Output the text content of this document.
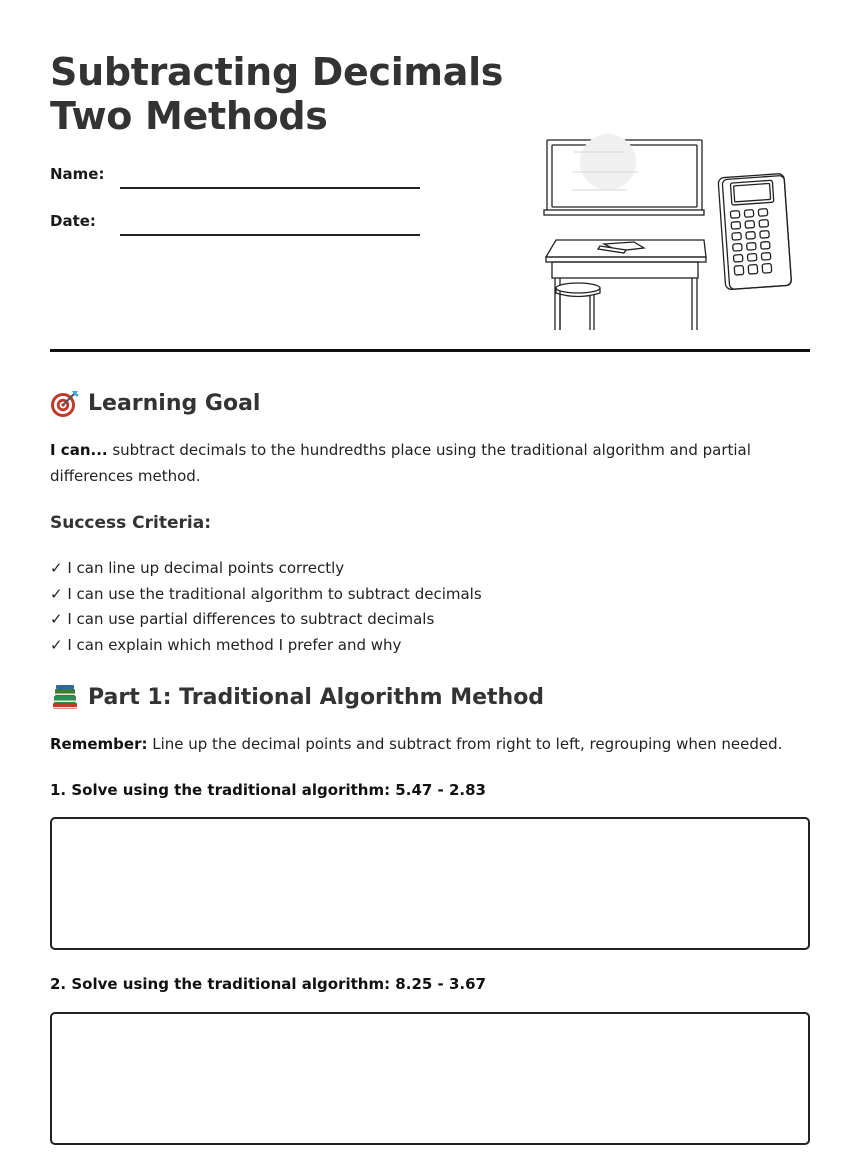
Subtracting Decimals
Two Methods
Name:
Date:
Learning Goal

I can... subtract decimals to the hundredths place using the traditional algorithm and partial differences method.

Success Criteria:
✓ I can line up decimal points correctly
✓ I can use the traditional algorithm to subtract decimals
✓ I can use partial differences to subtract decimals
✓ I can explain which method I prefer and why
Part 1: Traditional Algorithm Method

Remember: Line up the decimal points and subtract from right to left, regrouping when needed.

1. Solve using the traditional algorithm: 5.47 - 2.83

2. Solve using the traditional algorithm: 8.25 - 3.67
